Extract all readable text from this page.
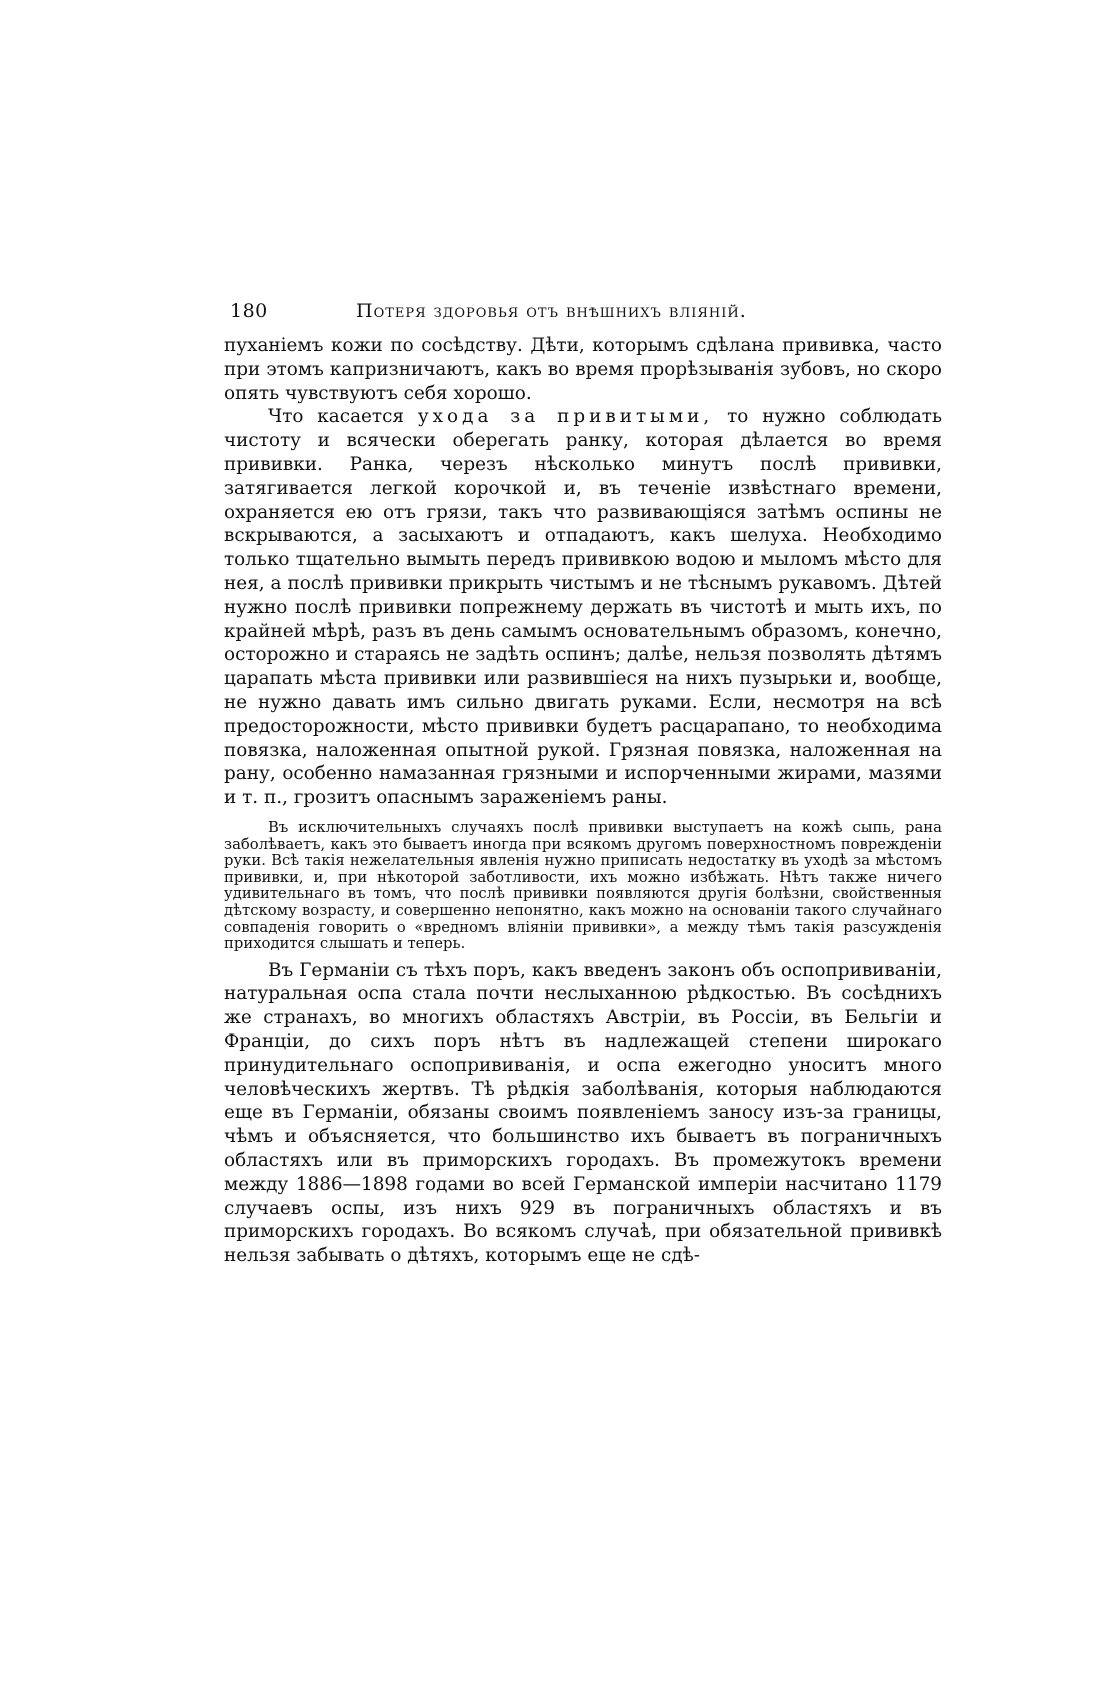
180	Потеря здоровья отъ внѣшнихъ вліяній.

пуханіемъ кожи по сосѣдству. Дѣти, которымъ сдѣлана прививка, часто при этомъ капризничаютъ, какъ во время прорѣзыванія зубовъ, но скоро опять чувствуютъ себя хорошо.

Что касается ухода за привитыми, то нужно соблюдать чистоту и всячески оберегать ранку, которая дѣлается во время прививки. Ранка, черезъ нѣсколько минутъ послѣ прививки, затягивается легкой корочкой и, въ теченіе извѣстнаго времени, охраняется ею отъ грязи, такъ что развивающіяся затѣмъ оспины не вскрываются, а засыхаютъ и отпадаютъ, какъ шелуха. Необходимо только тщательно вымыть передъ прививкою водою и мыломъ мѣсто для нея, а послѣ прививки прикрыть чистымъ и не тѣснымъ рукавомъ. Дѣтей нужно послѣ прививки попрежнему держать въ чистотѣ и мыть ихъ, по крайней мѣрѣ, разъ въ день самымъ основательнымъ образомъ, конечно, осторожно и стараясь не задѣть оспинъ; далѣе, нельзя позволять дѣтямъ царапать мѣста прививки или развившіеся на нихъ пузырьки и, вообще, не нужно давать имъ сильно двигать руками. Если, несмотря на всѣ предосторожности, мѣсто прививки будетъ расцарапано, то необходима повязка, наложенная опытной рукой. Грязная повязка, наложенная на рану, особенно намазанная грязными и испорченными жирами, мазями и т. п., грозитъ опаснымъ зараженіемъ раны.

Въ исключительныхъ случаяхъ послѣ прививки выступаетъ на кожѣ сыпь, рана заболѣваетъ, какъ это бываетъ иногда при всякомъ другомъ поверхностномъ поврежденіи руки. Всѣ такія нежелательныя явленія нужно приписать недостатку въ уходѣ за мѣстомъ прививки, и, при нѣкоторой заботливости, ихъ можно избѣжать. Нѣтъ также ничего удивительнаго въ томъ, что послѣ прививки появляются другія болѣзни, свойственныя дѣтскому возрасту, и совершенно непонятно, какъ можно на основаніи такого случайнаго совпаденія говорить о «вредномъ вліяніи прививки», а между тѣмъ такія разсужденія приходится слышать и теперь.

Въ Германіи съ тѣхъ поръ, какъ введенъ законъ объ оспопрививаніи, натуральная оспа стала почти неслыханною рѣдкостью. Въ сосѣднихъ же странахъ, во многихъ областяхъ Австріи, въ Россіи, въ Бельгіи и Франціи, до сихъ поръ нѣтъ въ надлежащей степени широкаго принудительнаго оспопрививанія, и оспа ежегодно уноситъ много человѣческихъ жертвъ. Тѣ рѣдкія заболѣванія, которыя наблюдаются еще въ Германіи, обязаны своимъ появленіемъ заносу изъ-за границы, чѣмъ и объясняется, что большинство ихъ бываетъ въ пограничныхъ областяхъ или въ приморскихъ городахъ. Въ промежутокъ времени между 1886—1898 годами во всей Германской имперіи насчитано 1179 случаевъ оспы, изъ нихъ 929 въ пограничныхъ областяхъ и въ приморскихъ городахъ. Во всякомъ случаѣ, при обязательной прививкѣ нельзя забывать о дѣтяхъ, которымъ еще не сдѣ-
